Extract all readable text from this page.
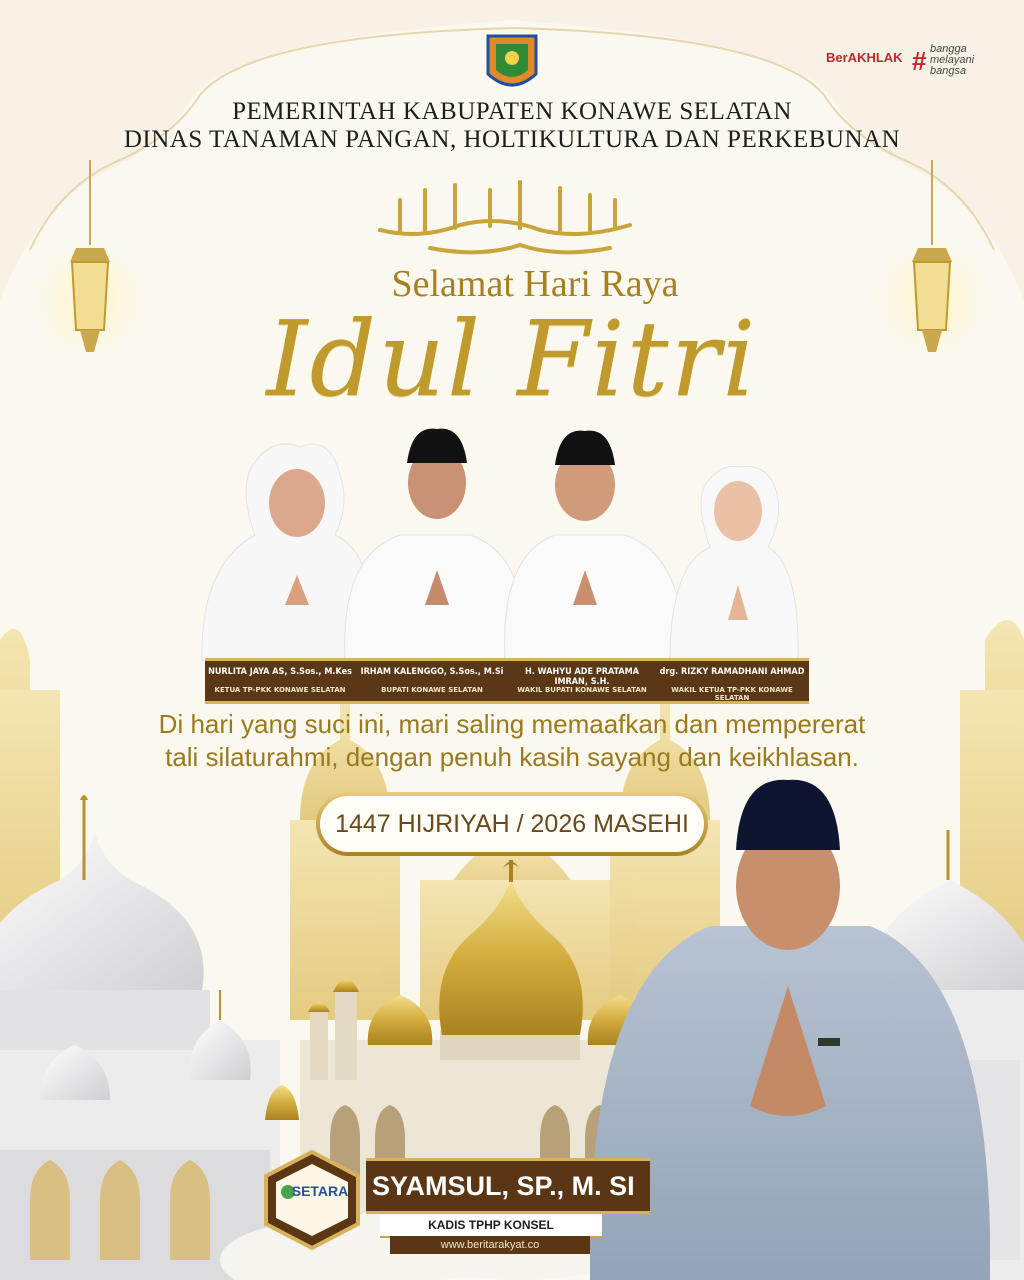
BerAKHLAK # bangga
melayani
bangsa
PEMERINTAH KABUPATEN KONAWE SELATAN
DINAS TANAMAN PANGAN, HOLTIKULTURA DAN PERKEBUNAN
Selamat Hari Raya
Idul Fitri
NURLITA JAYA AS, S.Sos., M.Kes
KETUA TP-PKK KONAWE SELATAN
IRHAM KALENGGO, S.Sos., M.Si
BUPATI KONAWE SELATAN
H. WAHYU ADE PRATAMA IMRAN, S.H.
WAKIL BUPATI KONAWE SELATAN
drg. RIZKY RAMADHANI AHMAD
WAKIL KETUA TP-PKK KONAWE SELATAN
Di hari yang suci ini, mari saling memaafkan dan mempererat
tali silaturahmi, dengan penuh kasih sayang dan keikhlasan.
1447 HIJRIYAH / 2026 MASEHI
SETARA SYAMSUL, SP., M. SI
KADIS TPHP KONSEL
www.beritarakyat.co
